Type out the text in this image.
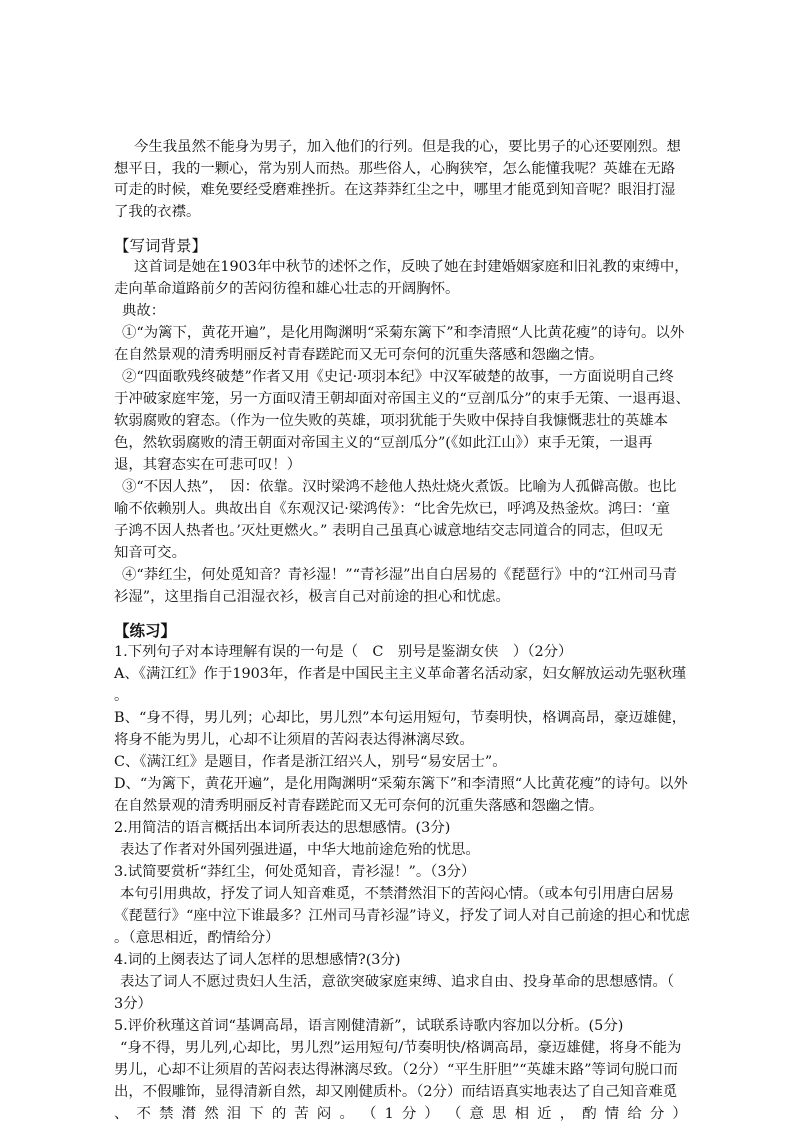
今生我虽然不能身为男子，加入他们的行列。但是我的心，要比男子的心还要刚烈。想
想平日，我的一颗心，常为别人而热。那些俗人，心胸狭窄，怎么能懂我呢？英雄在无路
可走的时候，难免要经受磨难挫折。在这莽莽红尘之中，哪里才能觅到知音呢？眼泪打湿
了我的衣襟。
【写词背景】
这首词是她在1903年中秋节的述怀之作，反映了她在封建婚姻家庭和旧礼教的束缚中，
走向革命道路前夕的苦闷彷徨和雄心壮志的开阔胸怀。
典故：
①“为篱下，黄花开遍”，是化用陶渊明“采菊东篱下”和李清照“人比黄花瘦”的诗句。以外
在自然景观的清秀明丽反衬青春蹉跎而又无可奈何的沉重失落感和怨幽之情。
②“四面歌残终破楚”作者又用《史记·项羽本纪》中汉军破楚的故事，一方面说明自己终
于冲破家庭牢笼，另一方面叹清王朝却面对帝国主义的“豆剖瓜分”的束手无策、一退再退、
软弱腐败的窘态。（作为一位失败的英雄，项羽犹能于失败中保持自我慷慨悲壮的英雄本
色，然软弱腐败的清王朝面对帝国主义的“豆剖瓜分”(《如此江山》）束手无策，一退再
退，其窘态实在可悲可叹！）
③“不因人热”，　因：依靠。汉时梁鸿不趁他人热灶烧火煮饭。比喻为人孤僻高傲。也比
喻不依赖别人。典故出自《东观汉记·梁鸿传》：“比舍先炊已，呼鸿及热釜炊。鸿曰：‘童
子鸿不因人热者也。’灭灶更燃火。” 表明自己虽真心诚意地结交志同道合的同志，但叹无
知音可交。
④“莽红尘，何处觅知音？青衫湿！”“青衫湿”出自白居易的《琵琶行》中的“江州司马青
衫湿”，这里指自己泪湿衣衫，极言自己对前途的担心和忧虑。
【练习】
1.下列句子对本诗理解有误的一句是（　C　别号是鉴湖女侠　）（2分）
A、《满江红》作于1903年，作者是中国民主主义革命著名活动家，妇女解放运动先驱秋瑾
。
B、“身不得，男儿列；心却比，男儿烈”本句运用短句，节奏明快，格调高昂，豪迈雄健，
将身不能为男儿，心却不让须眉的苦闷表达得淋漓尽致。
C、《满江红》是题目，作者是浙江绍兴人，别号“易安居士”。
D、“为篱下，黄花开遍”，是化用陶渊明“采菊东篱下”和李清照“人比黄花瘦”的诗句。以外
在自然景观的清秀明丽反衬青春蹉跎而又无可奈何的沉重失落感和怨幽之情。
2.用简洁的语言概括出本词所表达的思想感情。(3分)
表达了作者对外国列强进逼，中华大地前途危殆的忧思。
3.试简要赏析“莽红尘，何处觅知音，青衫湿！”。（3分）
本句引用典故，抒发了词人知音难觅，不禁潸然泪下的苦闷心情。（或本句引用唐白居易
《琵琶行》“座中泣下谁最多？江州司马青衫湿”诗义，抒发了词人对自己前途的担心和忧虑
。（意思相近，酌情给分）
4.词的上阕表达了词人怎样的思想感情?(3分)
表达了词人不愿过贵妇人生活，意欲突破家庭束缚、追求自由、投身革命的思想感情。（
3分）
5.评价秋瑾这首词“基调高昂，语言刚健清新”，试联系诗歌内容加以分析。(5分)
“身不得，男儿列,心却比，男儿烈”运用短句/节奏明快/格调高昂，豪迈雄健，将身不能为
男儿，心却不让须眉的苦闷表达得淋漓尽致。（2分）“平生肝胆”“英雄末路”等词句脱口而
出，不假雕饰，显得清新自然，却又刚健质朴。（2分）而结语真实地表达了自己知音难觅
、 不 禁 潸 然 泪 下 的 苦 闷 。 （ 1 分 ） （ 意 思 相 近 ， 酌 情 给 分 ）
